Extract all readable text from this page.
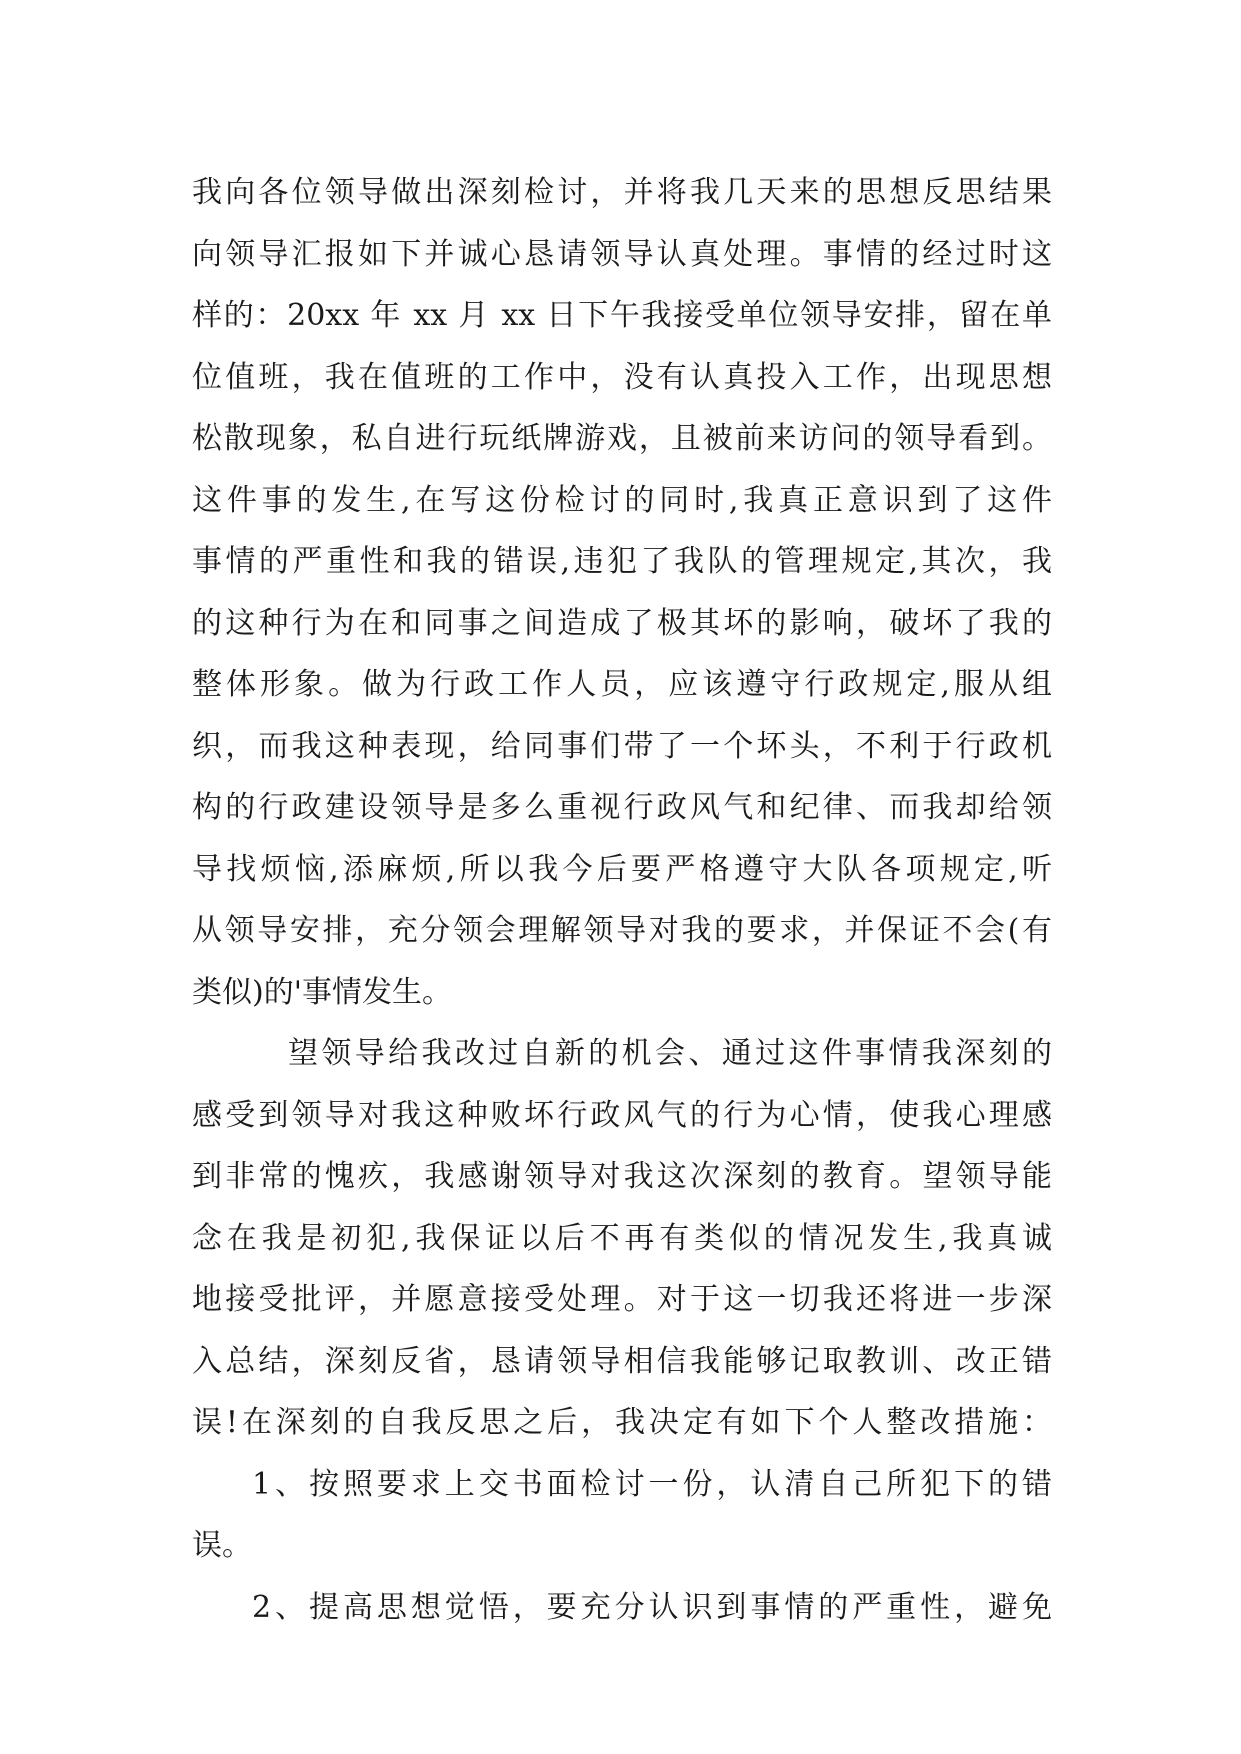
我向各位领导做出深刻检讨，并将我几天来的思想反思结果
向领导汇报如下并诚心恳请领导认真处理。事情的经过时这
样的：20xx 年 xx 月 xx 日下午我接受单位领导安排，留在单
位值班，我在值班的工作中，没有认真投入工作，出现思想
松散现象，私自进行玩纸牌游戏，且被前来访问的领导看到。
这件事的发生,在写这份检讨的同时,我真正意识到了这件
事情的严重性和我的错误,违犯了我队的管理规定,其次，我
的这种行为在和同事之间造成了极其坏的影响，破坏了我的
整体形象。做为行政工作人员，应该遵守行政规定,服从组
织，而我这种表现，给同事们带了一个坏头，不利于行政机
构的行政建设领导是多么重视行政风气和纪律、而我却给领
导找烦恼,添麻烦,所以我今后要严格遵守大队各项规定,听
从领导安排，充分领会理解领导对我的要求，并保证不会(有
类似)的'事情发生。
望领导给我改过自新的机会、通过这件事情我深刻的
感受到领导对我这种败坏行政风气的行为心情，使我心理感
到非常的愧疚，我感谢领导对我这次深刻的教育。望领导能
念在我是初犯,我保证以后不再有类似的情况发生,我真诚
地接受批评，并愿意接受处理。对于这一切我还将进一步深
入总结，深刻反省，恳请领导相信我能够记取教训、改正错
误!在深刻的自我反思之后，我决定有如下个人整改措施：
1、按照要求上交书面检讨一份，认清自己所犯下的错
误。
2、提高思想觉悟，要充分认识到事情的严重性，避免
